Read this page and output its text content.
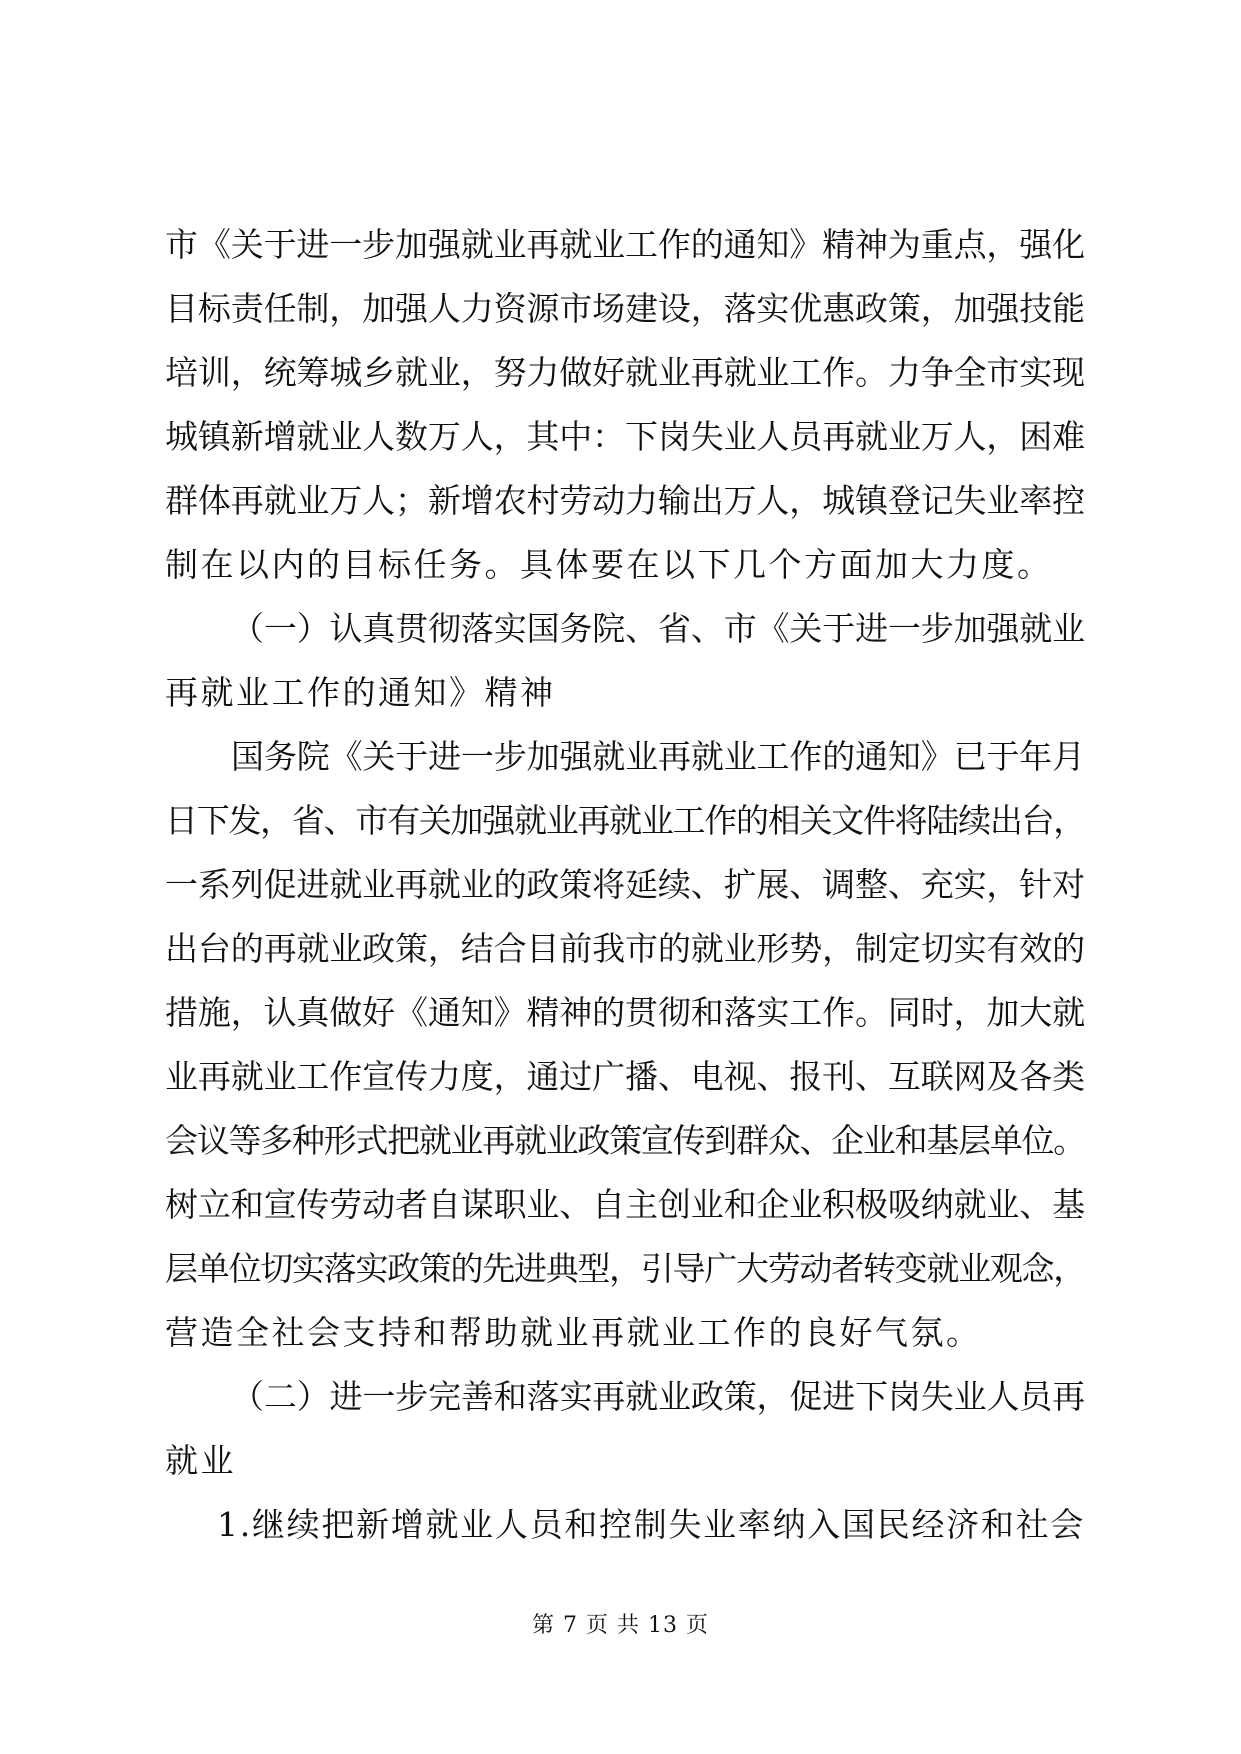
市《关于进一步加强就业再就业工作的通知》精神为重点，强化
目标责任制，加强人力资源市场建设，落实优惠政策，加强技能
培训，统筹城乡就业，努力做好就业再就业工作。力争全市实现
城镇新增就业人数万人，其中：下岗失业人员再就业万人，困难
群体再就业万人；新增农村劳动力输出万人，城镇登记失业率控
制在以内的目标任务。具体要在以下几个方面加大力度。
（一）认真贯彻落实国务院、省、市《关于进一步加强就业
再就业工作的通知》精神
国务院《关于进一步加强就业再就业工作的通知》已于年月
日下发，省、市有关加强就业再就业工作的相关文件将陆续出台，
一系列促进就业再就业的政策将延续、扩展、调整、充实，针对
出台的再就业政策，结合目前我市的就业形势，制定切实有效的
措施，认真做好《通知》精神的贯彻和落实工作。同时，加大就
业再就业工作宣传力度，通过广播、电视、报刊、互联网及各类
会议等多种形式把就业再就业政策宣传到群众、企业和基层单位。
树立和宣传劳动者自谋职业、自主创业和企业积极吸纳就业、基
层单位切实落实政策的先进典型，引导广大劳动者转变就业观念，
营造全社会支持和帮助就业再就业工作的良好气氛。
（二）进一步完善和落实再就业政策，促进下岗失业人员再
就业
1.继续把新增就业人员和控制失业率纳入国民经济和社会
第 7 页 共 13 页
